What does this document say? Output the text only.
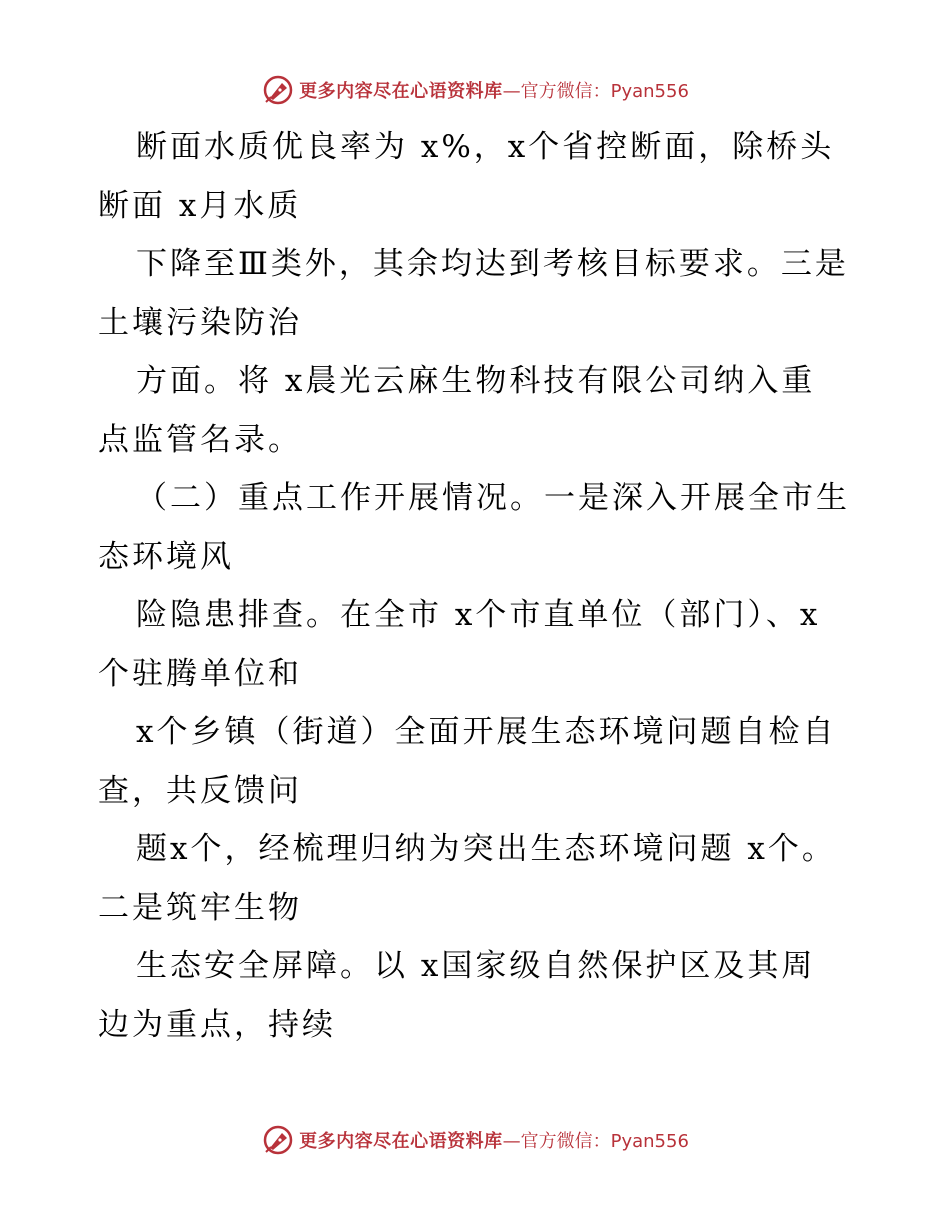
更多内容尽在心语资料库 —官方微信：Pyan556

断面水质优良率为 x%，x个省控断面，除桥头

断面 x月水质

下降至Ⅲ类外，其余均达到考核目标要求。三是

土壤污染防治

方面。将 x晨光云麻生物科技有限公司纳入重

点监管名录。

（二）重点工作开展情况。一是深入开展全市生

态环境风

险隐患排查。在全市 x个市直单位（部门）、x

个驻腾单位和

x个乡镇（街道）全面开展生态环境问题自检自

查，共反馈问

题x个，经梳理归纳为突出生态环境问题 x个。

二是筑牢生物

生态安全屏障。以 x国家级自然保护区及其周

边为重点，持续

更多内容尽在心语资料库 —官方微信：Pyan556
